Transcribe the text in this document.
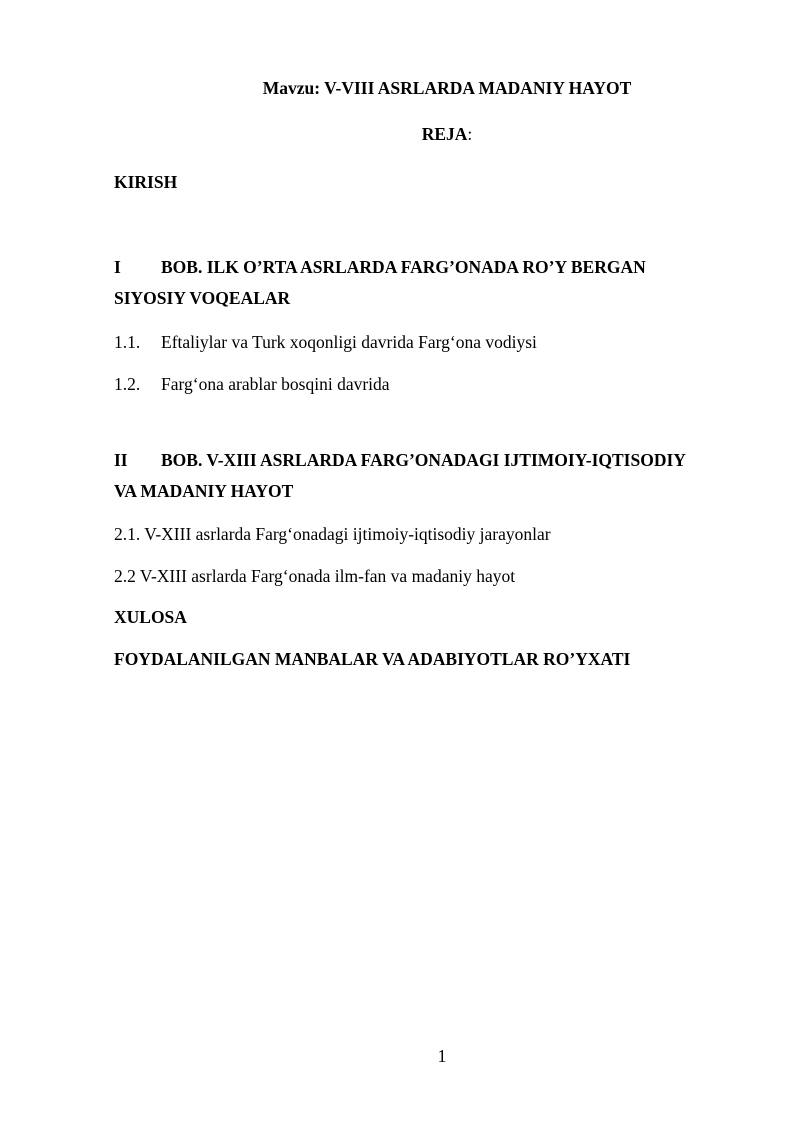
Mavzu: V-VIII ASRLARDA MADANIY HAYOT

REJA:

KIRISH

I BOB. ILK O’RTA ASRLARDA FARG’ONADA RO’Y BERGAN

SIYOSIY VOQEALAR

1.1. Eftaliylar va Turk xoqonligi davrida Farg‘ona vodiysi

1.2. Farg‘ona arablar bosqini davrida

II BOB. V-XIII ASRLARDA FARG’ONADAGI IJTIMOIY-IQTISODIY

VA MADANIY HAYOT

2.1. V-XIII asrlarda Farg‘onadagi ijtimoiy-iqtisodiy jarayonlar

2.2 V-XIII asrlarda Farg‘onada ilm-fan va madaniy hayot

XULOSA

FOYDALANILGAN MANBALAR VA ADABIYOTLAR RO’YXATI

1
